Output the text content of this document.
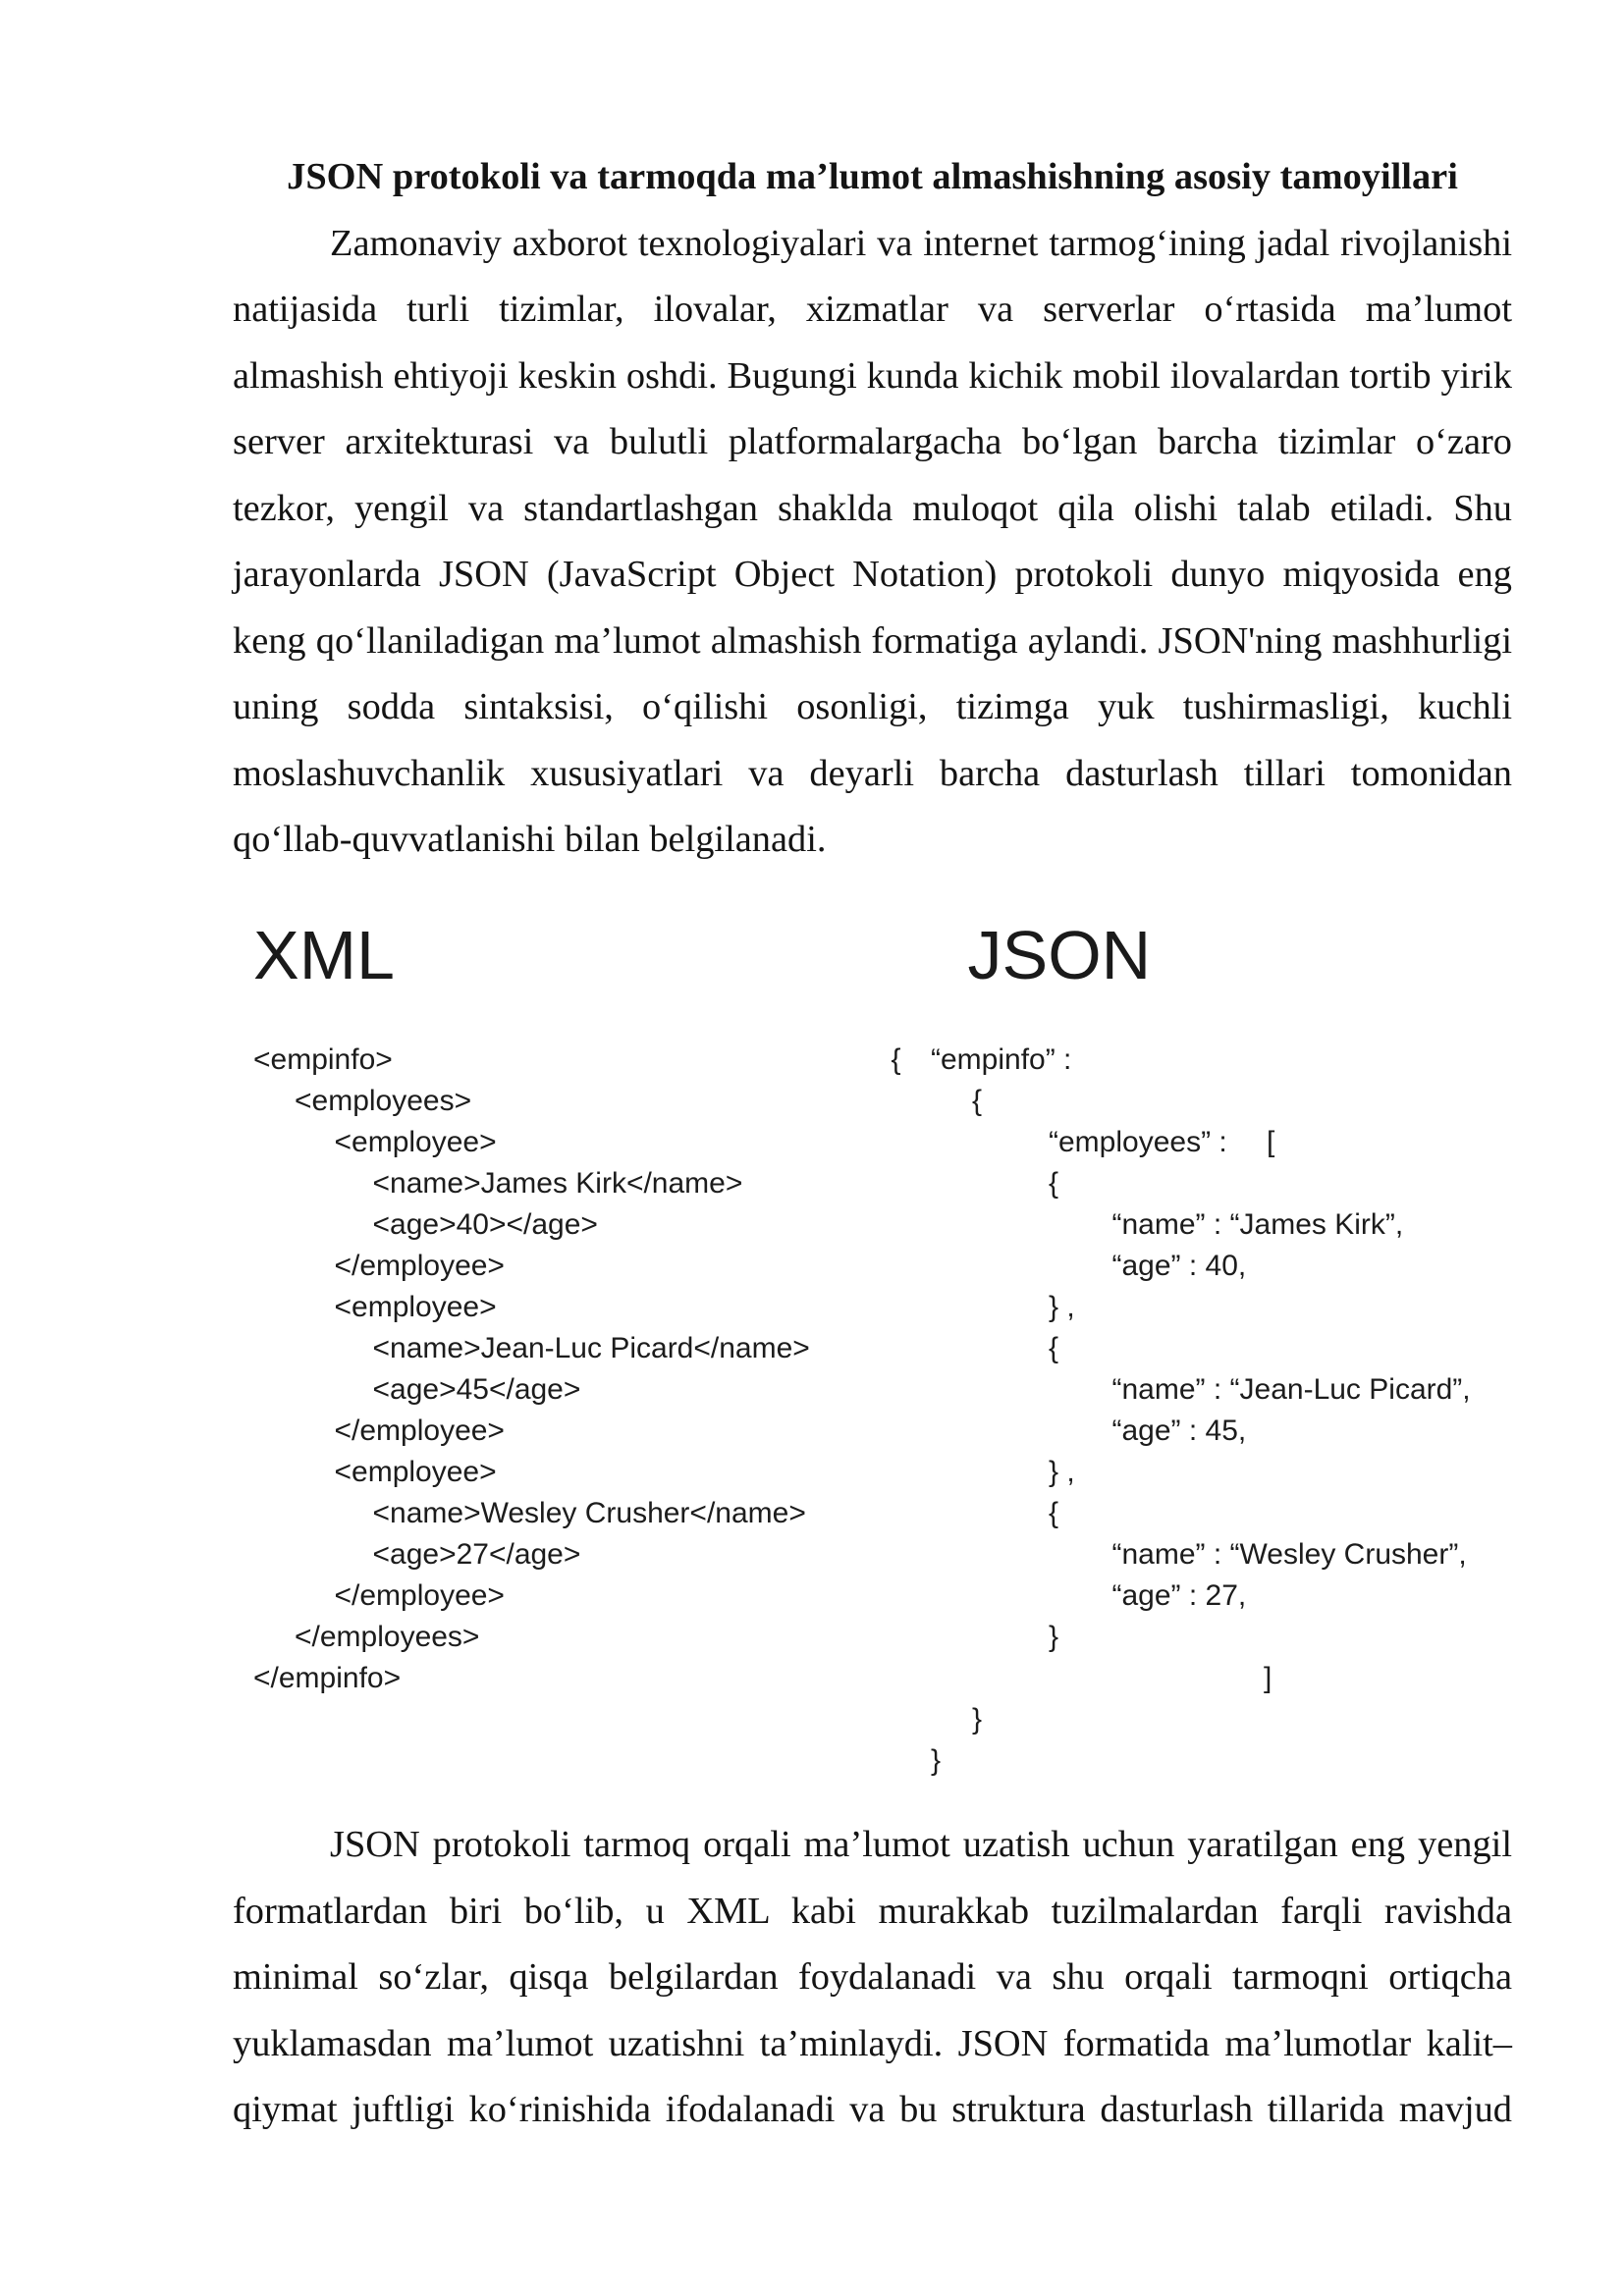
JSON protokoli va tarmoqda ma’lumot almashishning asosiy tamoyillari
Zamonaviy axborot texnologiyalari va internet tarmog‘ining jadal rivojlanishi
natijasida turli tizimlar, ilovalar, xizmatlar va serverlar o‘rtasida ma’lumot
almashish ehtiyoji keskin oshdi. Bugungi kunda kichik mobil ilovalardan tortib yirik
server arxitekturasi va bulutli platformalargacha bo‘lgan barcha tizimlar o‘zaro
tezkor, yengil va standartlashgan shaklda muloqot qila olishi talab etiladi. Shu
jarayonlarda JSON (JavaScript Object Notation) protokoli dunyo miqyosida eng
keng qo‘llaniladigan ma’lumot almashish formatiga aylandi. JSON'ning mashhurligi
uning sodda sintaksisi, o‘qilishi osonligi, tizimga yuk tushirmasligi, kuchli
moslashuvchanlik xususiyatlari va deyarli barcha dasturlash tillari tomonidan
qo‘llab-quvvatlanishi bilan belgilanadi.
XML	JSON
<empinfo>
<employees>
<employee>
<name>James Kirk</name>
<age>40></age>
</employee>
<employee>
<name>Jean-Luc Picard</name>
<age>45</age>
</employee>
<employee>
<name>Wesley Crusher</name>
<age>27</age>
</employee>
</employees>
</empinfo>

{

“empinfo” :

{

“employees” :

[

{

“name” : “James Kirk”,

“age” : 40,

} ,

{

“name” : “Jean-Luc Picard”,

“age” : 45,

} ,

{

“name” : “Wesley Crusher”,

“age” : 27,

}

]

}

}

JSON protokoli tarmoq orqali ma’lumot uzatish uchun yaratilgan eng yengil
formatlardan biri bo‘lib, u XML kabi murakkab tuzilmalardan farqli ravishda
minimal so‘zlar, qisqa belgilardan foydalanadi va shu orqali tarmoqni ortiqcha
yuklamasdan ma’lumot uzatishni ta’minlaydi. JSON formatida ma’lumotlar kalit–
qiymat juftligi ko‘rinishida ifodalanadi va bu struktura dasturlash tillarida mavjud
